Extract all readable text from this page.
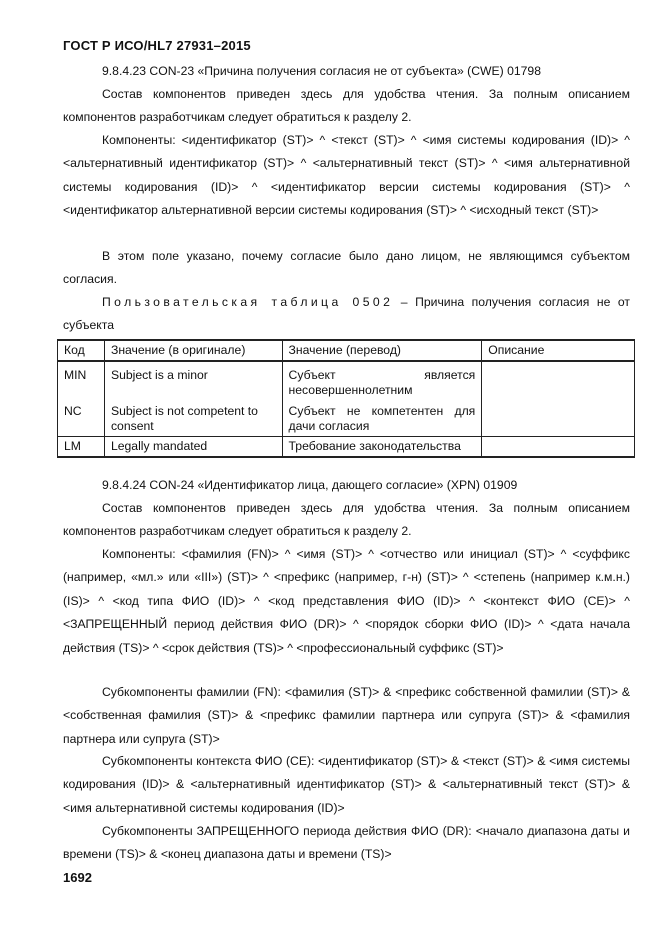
ГОСТ Р ИСО/HL7 27931–2015
9.8.4.23 CON-23 «Причина получения согласия не от субъекта» (CWE) 01798
Состав компонентов приведен здесь для удобства чтения. За полным описанием компонентов разработчикам следует обратиться к разделу 2.
Компоненты: <идентификатор (ST)> ^ <текст (ST)> ^ <имя системы кодирования (ID)> ^ <альтернативный идентификатор (ST)> ^ <альтернативный текст (ST)> ^ <имя альтернативной системы кодирования (ID)> ^ <идентификатор версии системы кодирования (ST)> ^ <идентификатор альтернативной версии системы кодирования (ST)> ^ <исходный текст (ST)>
В этом поле указано, почему согласие было дано лицом, не являющимся субъектом согласия.
Пользовательская таблица 0502 – Причина получения согласия не от субъекта
Код	Значение (в оригинале)	Значение (перевод)	Описание
MIN	Subject is a minor	Субъект является несовершеннолетним	
NC	Subject is not competent to consent	Субъект не компетентен для дачи согласия	
LM	Legally mandated	Требование законодательства	
9.8.4.24 CON-24 «Идентификатор лица, дающего согласие» (XPN) 01909
Состав компонентов приведен здесь для удобства чтения. За полным описанием компонентов разработчикам следует обратиться к разделу 2.
Компоненты: <фамилия (FN)> ^ <имя (ST)> ^ <отчество или инициал (ST)> ^ <суффикс (например, «мл.» или «III») (ST)> ^ <префикс (например, г-н) (ST)> ^ <степень (например к.м.н.) (IS)> ^ <код типа ФИО (ID)> ^ <код представления ФИО (ID)> ^ <контекст ФИО (CE)> ^ <ЗАПРЕЩЕННЫЙ период действия ФИО (DR)> ^ <порядок сборки ФИО (ID)> ^ <дата начала действия (TS)> ^ <срок действия (TS)> ^ <профессиональный суффикс (ST)>
Субкомпоненты фамилии (FN): <фамилия (ST)> & <префикс собственной фамилии (ST)> & <собственная фамилия (ST)> & <префикс фамилии партнера или супруга (ST)> & <фамилия партнера или супруга (ST)>
Субкомпоненты контекста ФИО (CE): <идентификатор (ST)> & <текст (ST)> & <имя системы кодирования (ID)> & <альтернативный идентификатор (ST)> & <альтернативный текст (ST)> & <имя альтернативной системы кодирования (ID)>
Субкомпоненты ЗАПРЕЩЕННОГО периода действия ФИО (DR): <начало диапазона даты и времени (TS)> & <конец диапазона даты и времени (TS)>
1692
